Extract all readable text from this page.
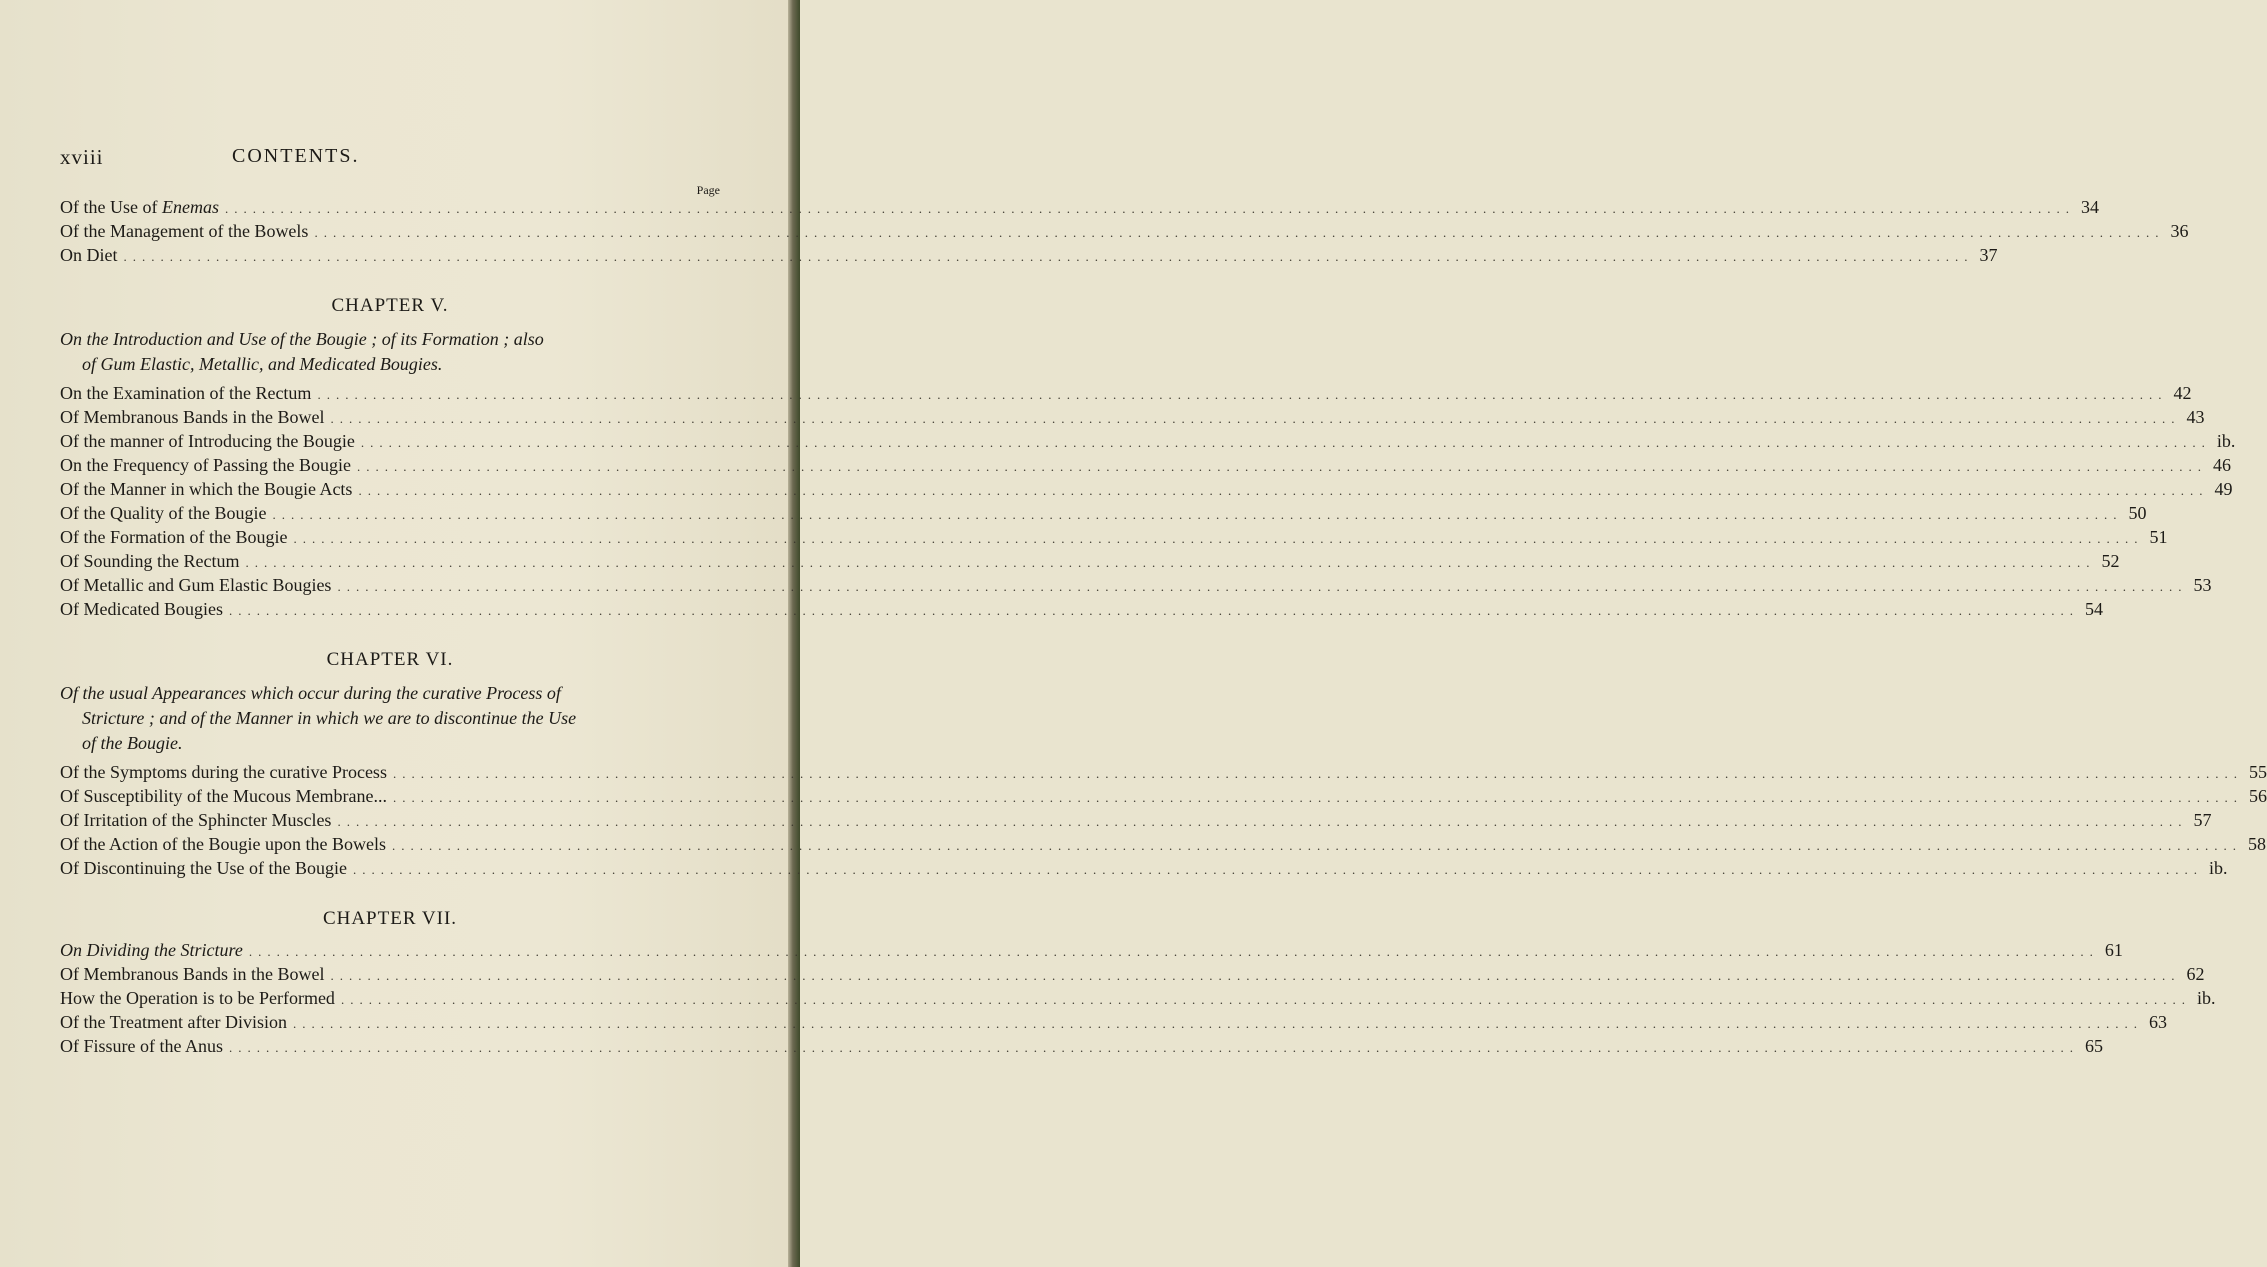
xviii	CONTENTS.
Page
Of the Use of Enemas ........................................................................................................................................................................................................ 34
Of the Management of the Bowels ........................................................................................................................................................................................................ 36
On Diet ........................................................................................................................................................................................................ 37
CHAPTER V.
On the Introduction and Use of the Bougie ; of its Formation ; also
of Gum Elastic, Metallic, and Medicated Bougies.
On the Examination of the Rectum ........................................................................................................................................................................................................ 42
Of Membranous Bands in the Bowel ........................................................................................................................................................................................................ 43
Of the manner of Introducing the Bougie ........................................................................................................................................................................................................ ib.
On the Frequency of Passing the Bougie ........................................................................................................................................................................................................ 46
Of the Manner in which the Bougie Acts ........................................................................................................................................................................................................ 49
Of the Quality of the Bougie ........................................................................................................................................................................................................ 50
Of the Formation of the Bougie ........................................................................................................................................................................................................ 51
Of Sounding the Rectum ........................................................................................................................................................................................................ 52
Of Metallic and Gum Elastic Bougies ........................................................................................................................................................................................................ 53
Of Medicated Bougies ........................................................................................................................................................................................................ 54
CHAPTER VI.
Of the usual Appearances which occur during the curative Process of
Stricture ; and of the Manner in which we are to discontinue the Use
of the Bougie.
Of the Symptoms during the curative Process ........................................................................................................................................................................................................ 55
Of Susceptibility of the Mucous Membrane... ........................................................................................................................................................................................................ 56
Of Irritation of the Sphincter Muscles ........................................................................................................................................................................................................ 57
Of the Action of the Bougie upon the Bowels ........................................................................................................................................................................................................ 58
Of Discontinuing the Use of the Bougie ........................................................................................................................................................................................................ ib.
CHAPTER VII.
On Dividing the Stricture ........................................................................................................................................................................................................ 61
Of Membranous Bands in the Bowel ........................................................................................................................................................................................................ 62
How the Operation is to be Performed ........................................................................................................................................................................................................ ib.
Of the Treatment after Division ........................................................................................................................................................................................................ 63
Of Fissure of the Anus ........................................................................................................................................................................................................ 65
